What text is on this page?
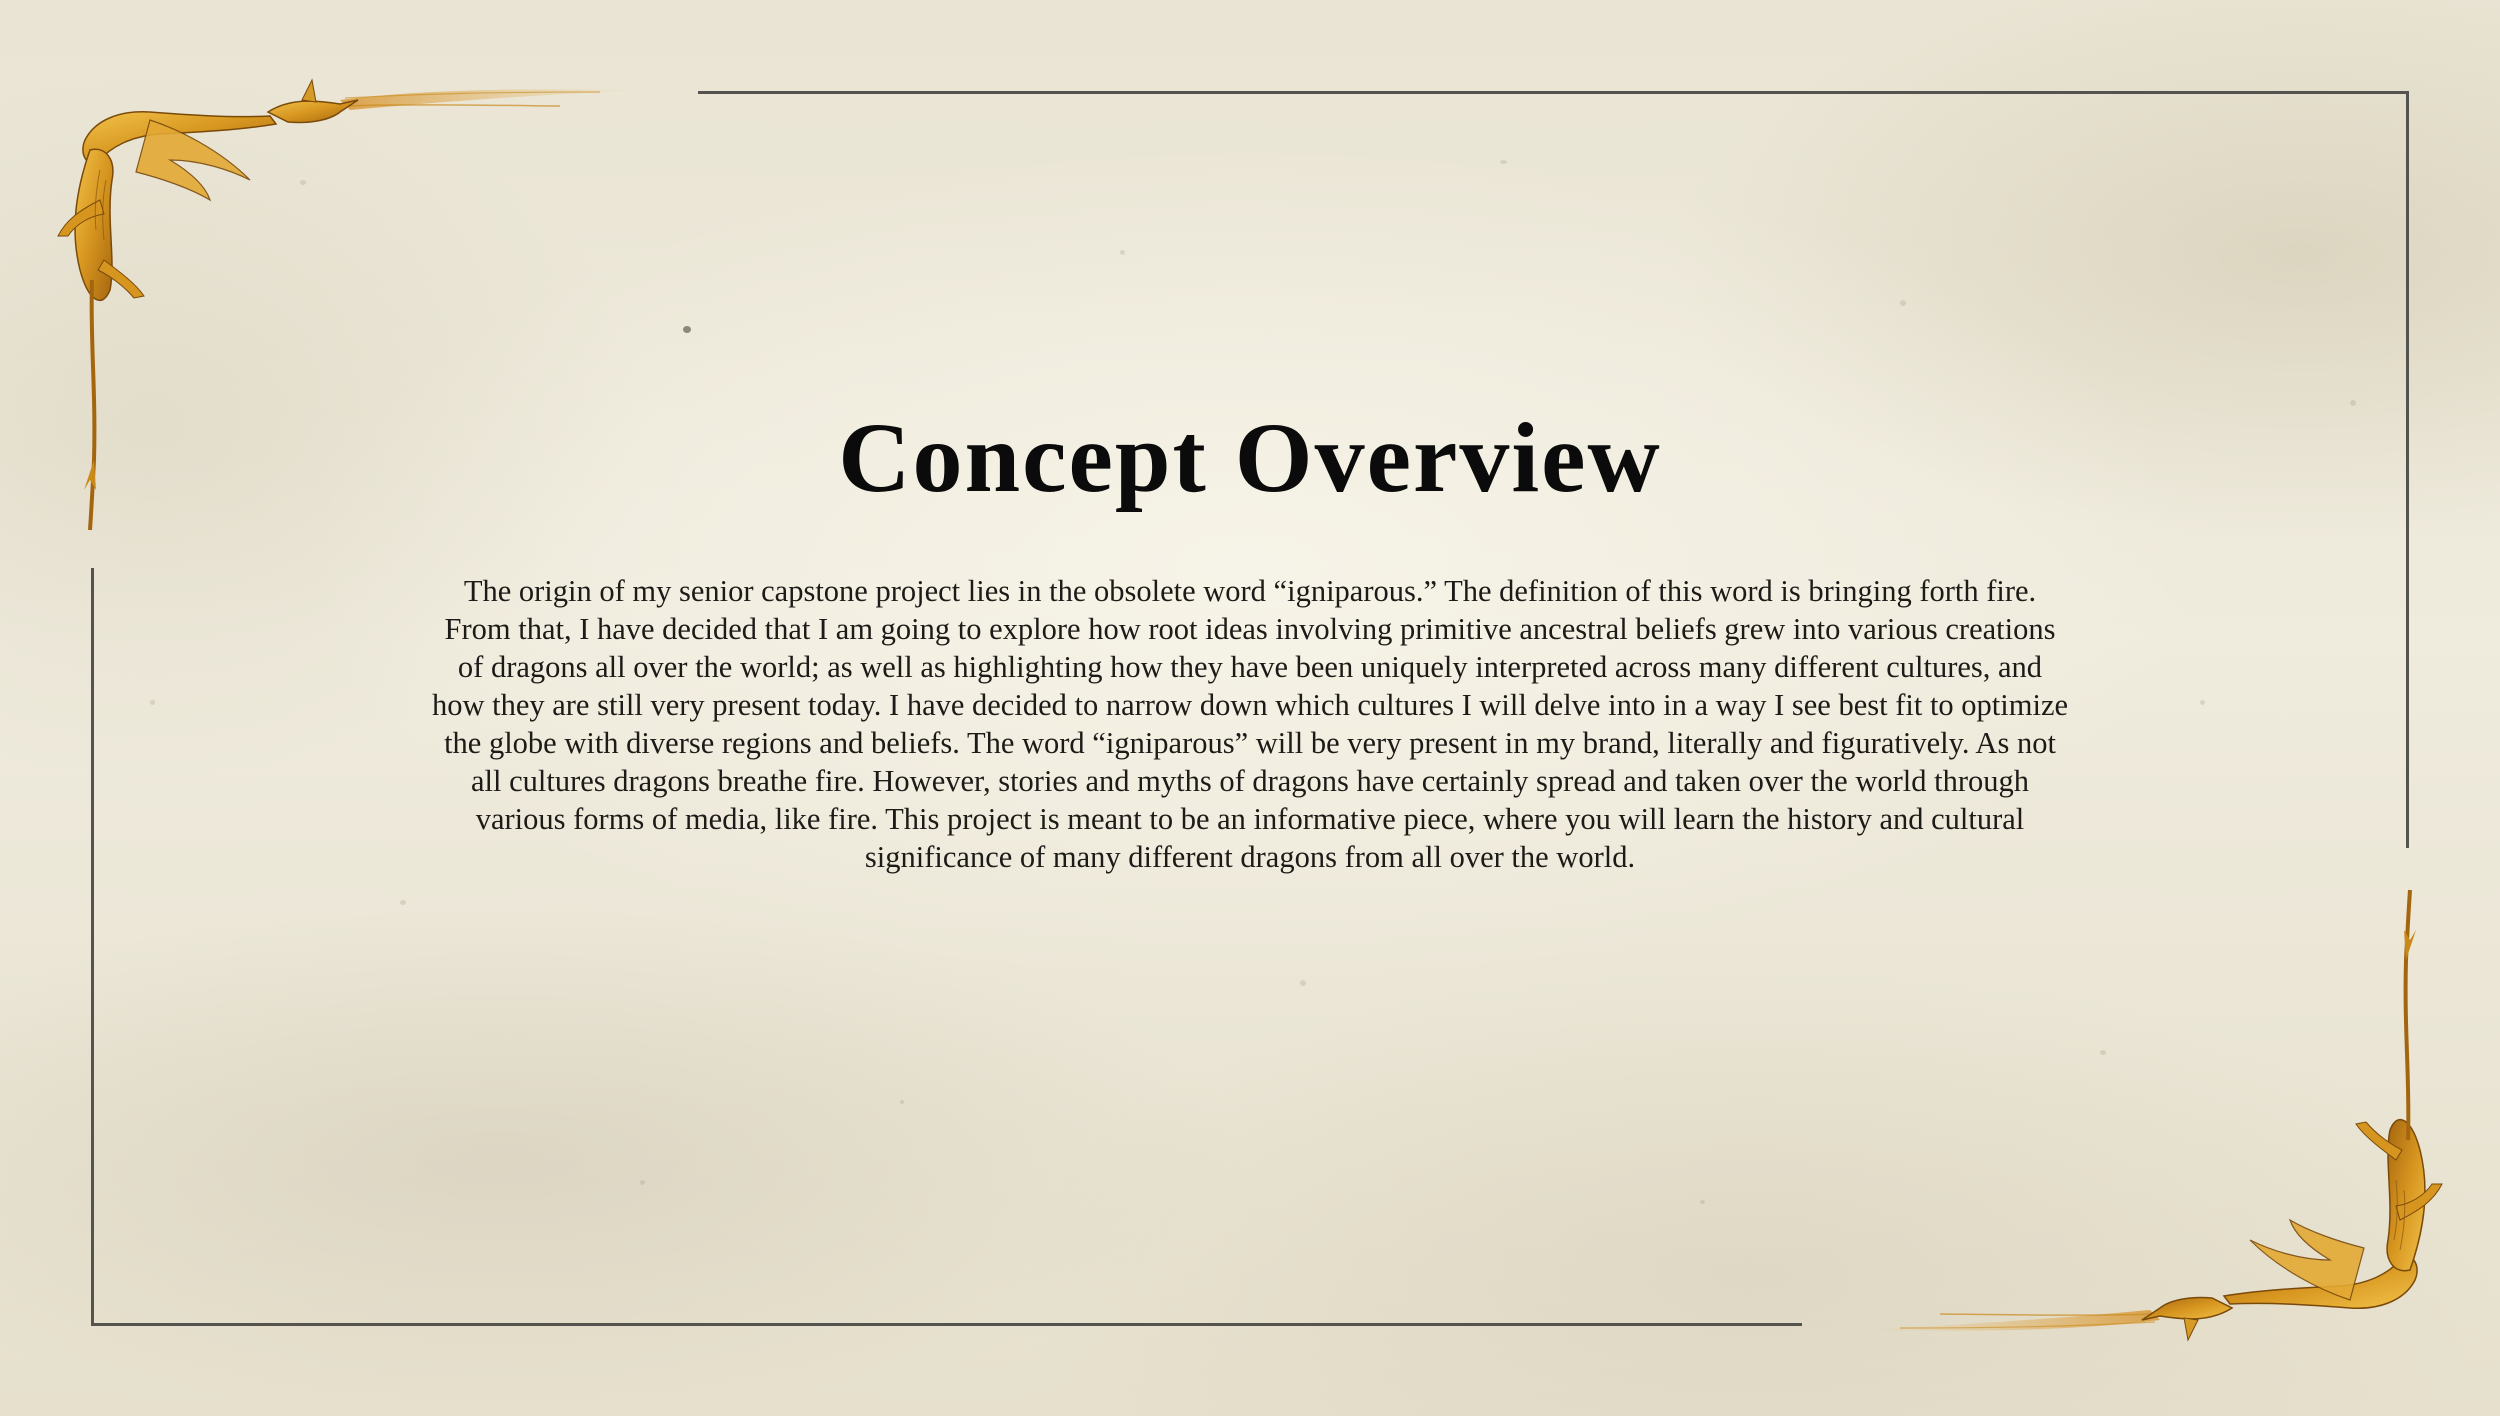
Concept Overview

The origin of my senior capstone project lies in the obsolete word “igniparous.” The definition of this word is bringing forth fire. From that, I have decided that I am going to explore how root ideas involving primitive ancestral beliefs grew into various creations of dragons all over the world; as well as highlighting how they have been uniquely interpreted across many different cultures, and how they are still very present today. I have decided to narrow down which cultures I will delve into in a way I see best fit to optimize the globe with diverse regions and beliefs. The word “igniparous” will be very present in my brand, literally and figuratively. As not all cultures dragons breathe fire. However, stories and myths of dragons have certainly spread and taken over the world through various forms of media, like fire. This project is meant to be an informative piece, where you will learn the history and cultural significance of many different dragons from all over the world.
